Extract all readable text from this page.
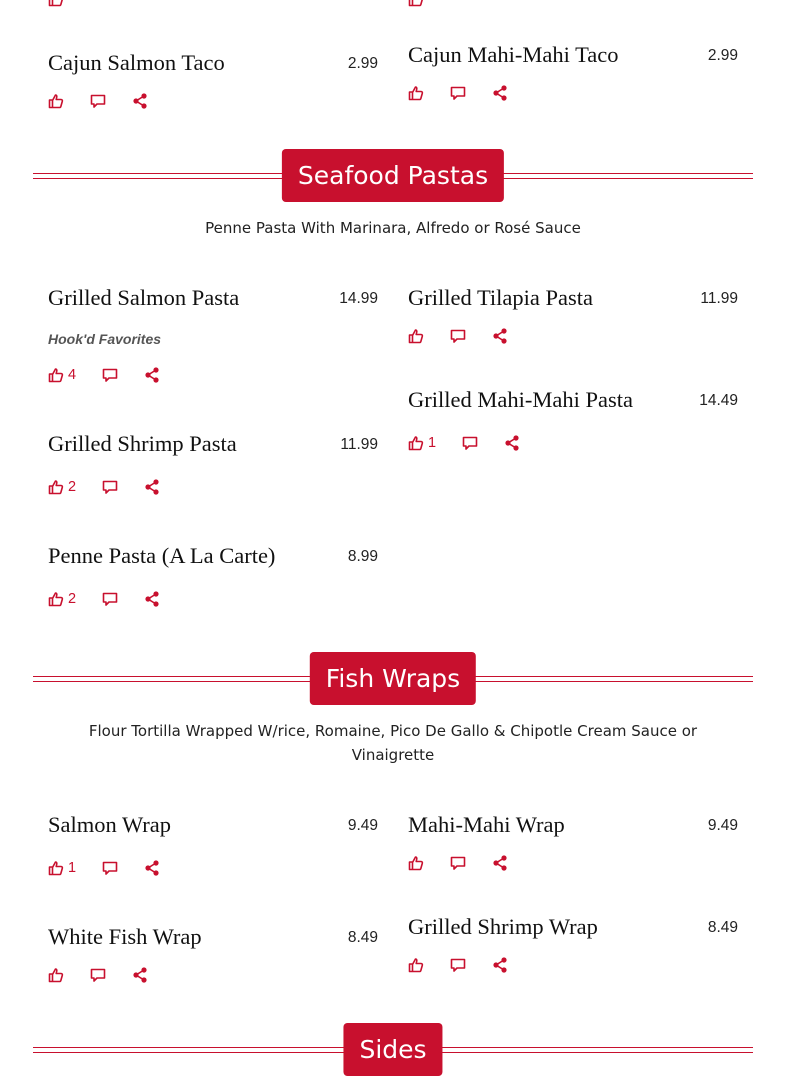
Cajun Salmon Taco	2.99 Cajun Mahi-Mahi Taco	2.99
Seafood Pastas
Penne Pasta With Marinara, Alfredo or Rosé Sauce
Grilled Salmon Pasta	14.99
Hook'd Favorites
4
Grilled Tilapia Pasta	11.99
Grilled Mahi-Mahi Pasta	14.49
1
Grilled Shrimp Pasta	11.99
2
Penne Pasta (A La Carte)	8.99
2
Fish Wraps
Flour Tortilla Wrapped W/rice, Romaine, Pico De Gallo & Chipotle Cream Sauce or Vinaigrette
Salmon Wrap	9.49
1
Mahi-Mahi Wrap	9.49
White Fish Wrap	8.49 Grilled Shrimp Wrap	8.49
Sides
